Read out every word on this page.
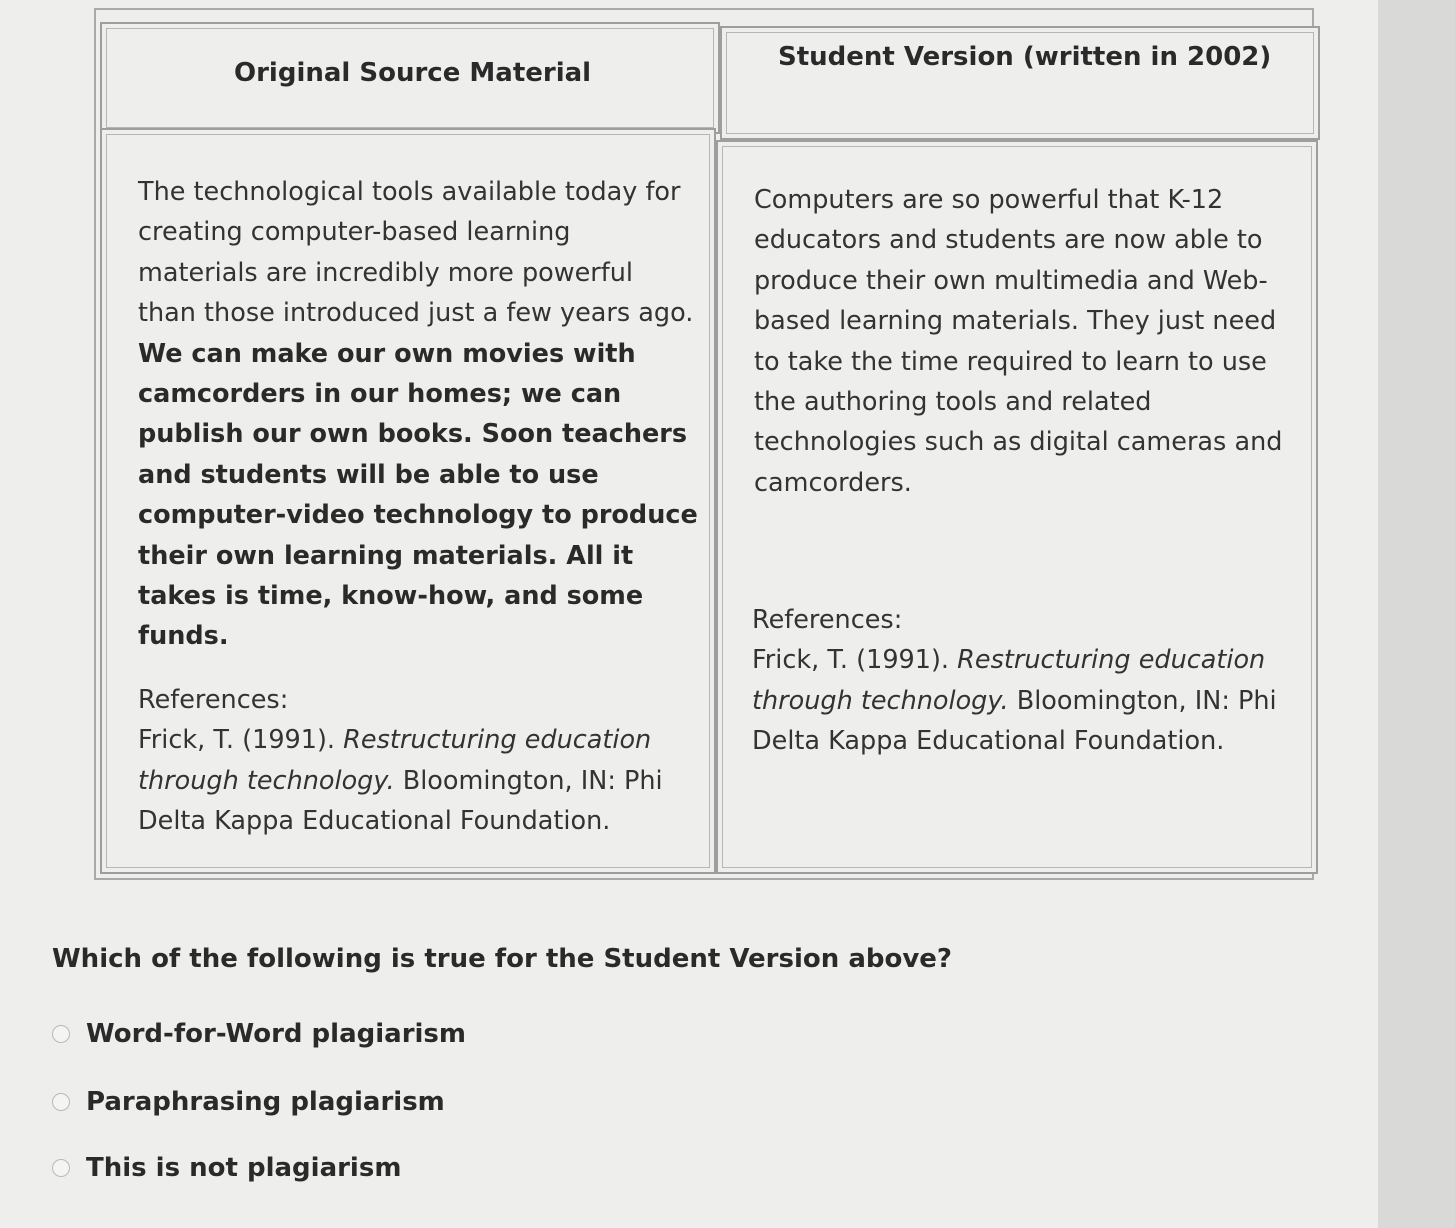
Original Source Material
Student Version (written in 2002)

The technological tools available today for creating computer-based learning materials are incredibly more powerful than those introduced just a few years ago. We can make our own movies with camcorders in our homes; we can publish our own books. Soon teachers and students will be able to use computer-video technology to produce their own learning materials. All it takes is time, know-how, and some funds.

References:
Frick, T. (1991). Restructuring education through technology. Bloomington, IN: Phi Delta Kappa Educational Foundation.

Computers are so powerful that K-12 educators and students are now able to produce their own multimedia and Web-based learning materials. They just need to take the time required to learn to use the authoring tools and related technologies such as digital cameras and camcorders.

References:
Frick, T. (1991). Restructuring education through technology. Bloomington, IN: Phi Delta Kappa Educational Foundation.

Which of the following is true for the Student Version above?
Word-for-Word plagiarism
Paraphrasing plagiarism
This is not plagiarism
